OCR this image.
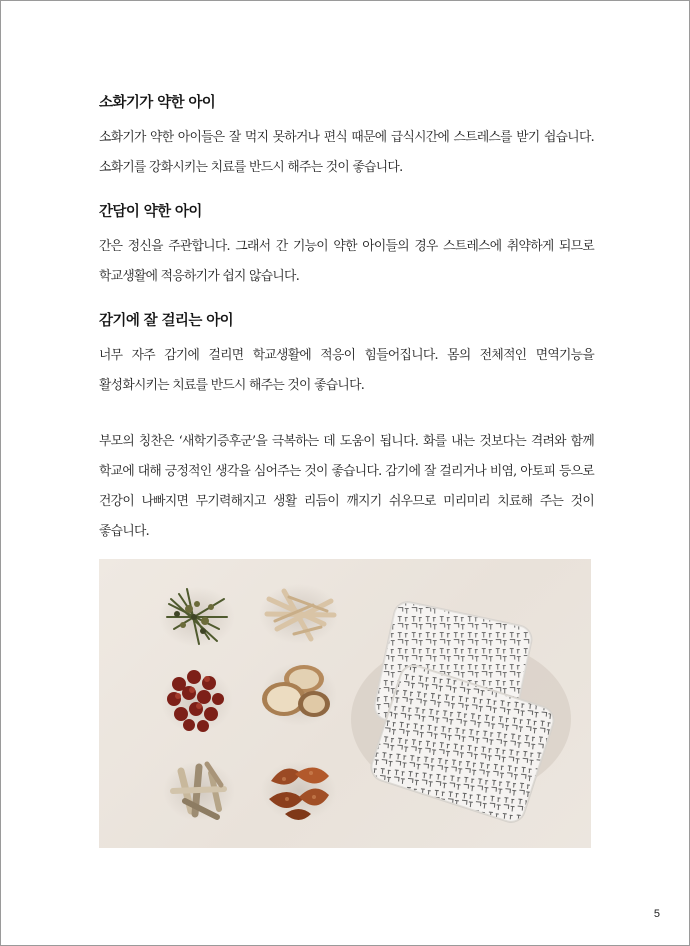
소화기가 약한 아이

소화기가 약한 아이들은 잘 먹지 못하거나 편식 때문에 급식시간에 스트레스를 받기 쉽습니다. 소화기를 강화시키는 치료를 반드시 해주는 것이 좋습니다.

간담이 약한 아이

간은 정신을 주관합니다. 그래서 간 기능이 약한 아이들의 경우 스트레스에 취약하게 되므로 학교생활에 적응하기가 쉽지 않습니다.

감기에 잘 걸리는 아이

너무 자주 감기에 걸리면 학교생활에 적응이 힘들어집니다. 몸의 전체적인 면역기능을 활성화시키는 치료를 반드시 해주는 것이 좋습니다.

부모의 칭찬은 ‘새학기증후군’을 극복하는 데 도움이 됩니다. 화를 내는 것보다는 격려와 함께 학교에 대해 긍정적인 생각을 심어주는 것이 좋습니다. 감기에 잘 걸리거나 비염, 아토피 등으로 건강이 나빠지면 무기력해지고 생활 리듬이 깨지기 쉬우므로 미리미리 치료해 주는 것이 좋습니다.

5
